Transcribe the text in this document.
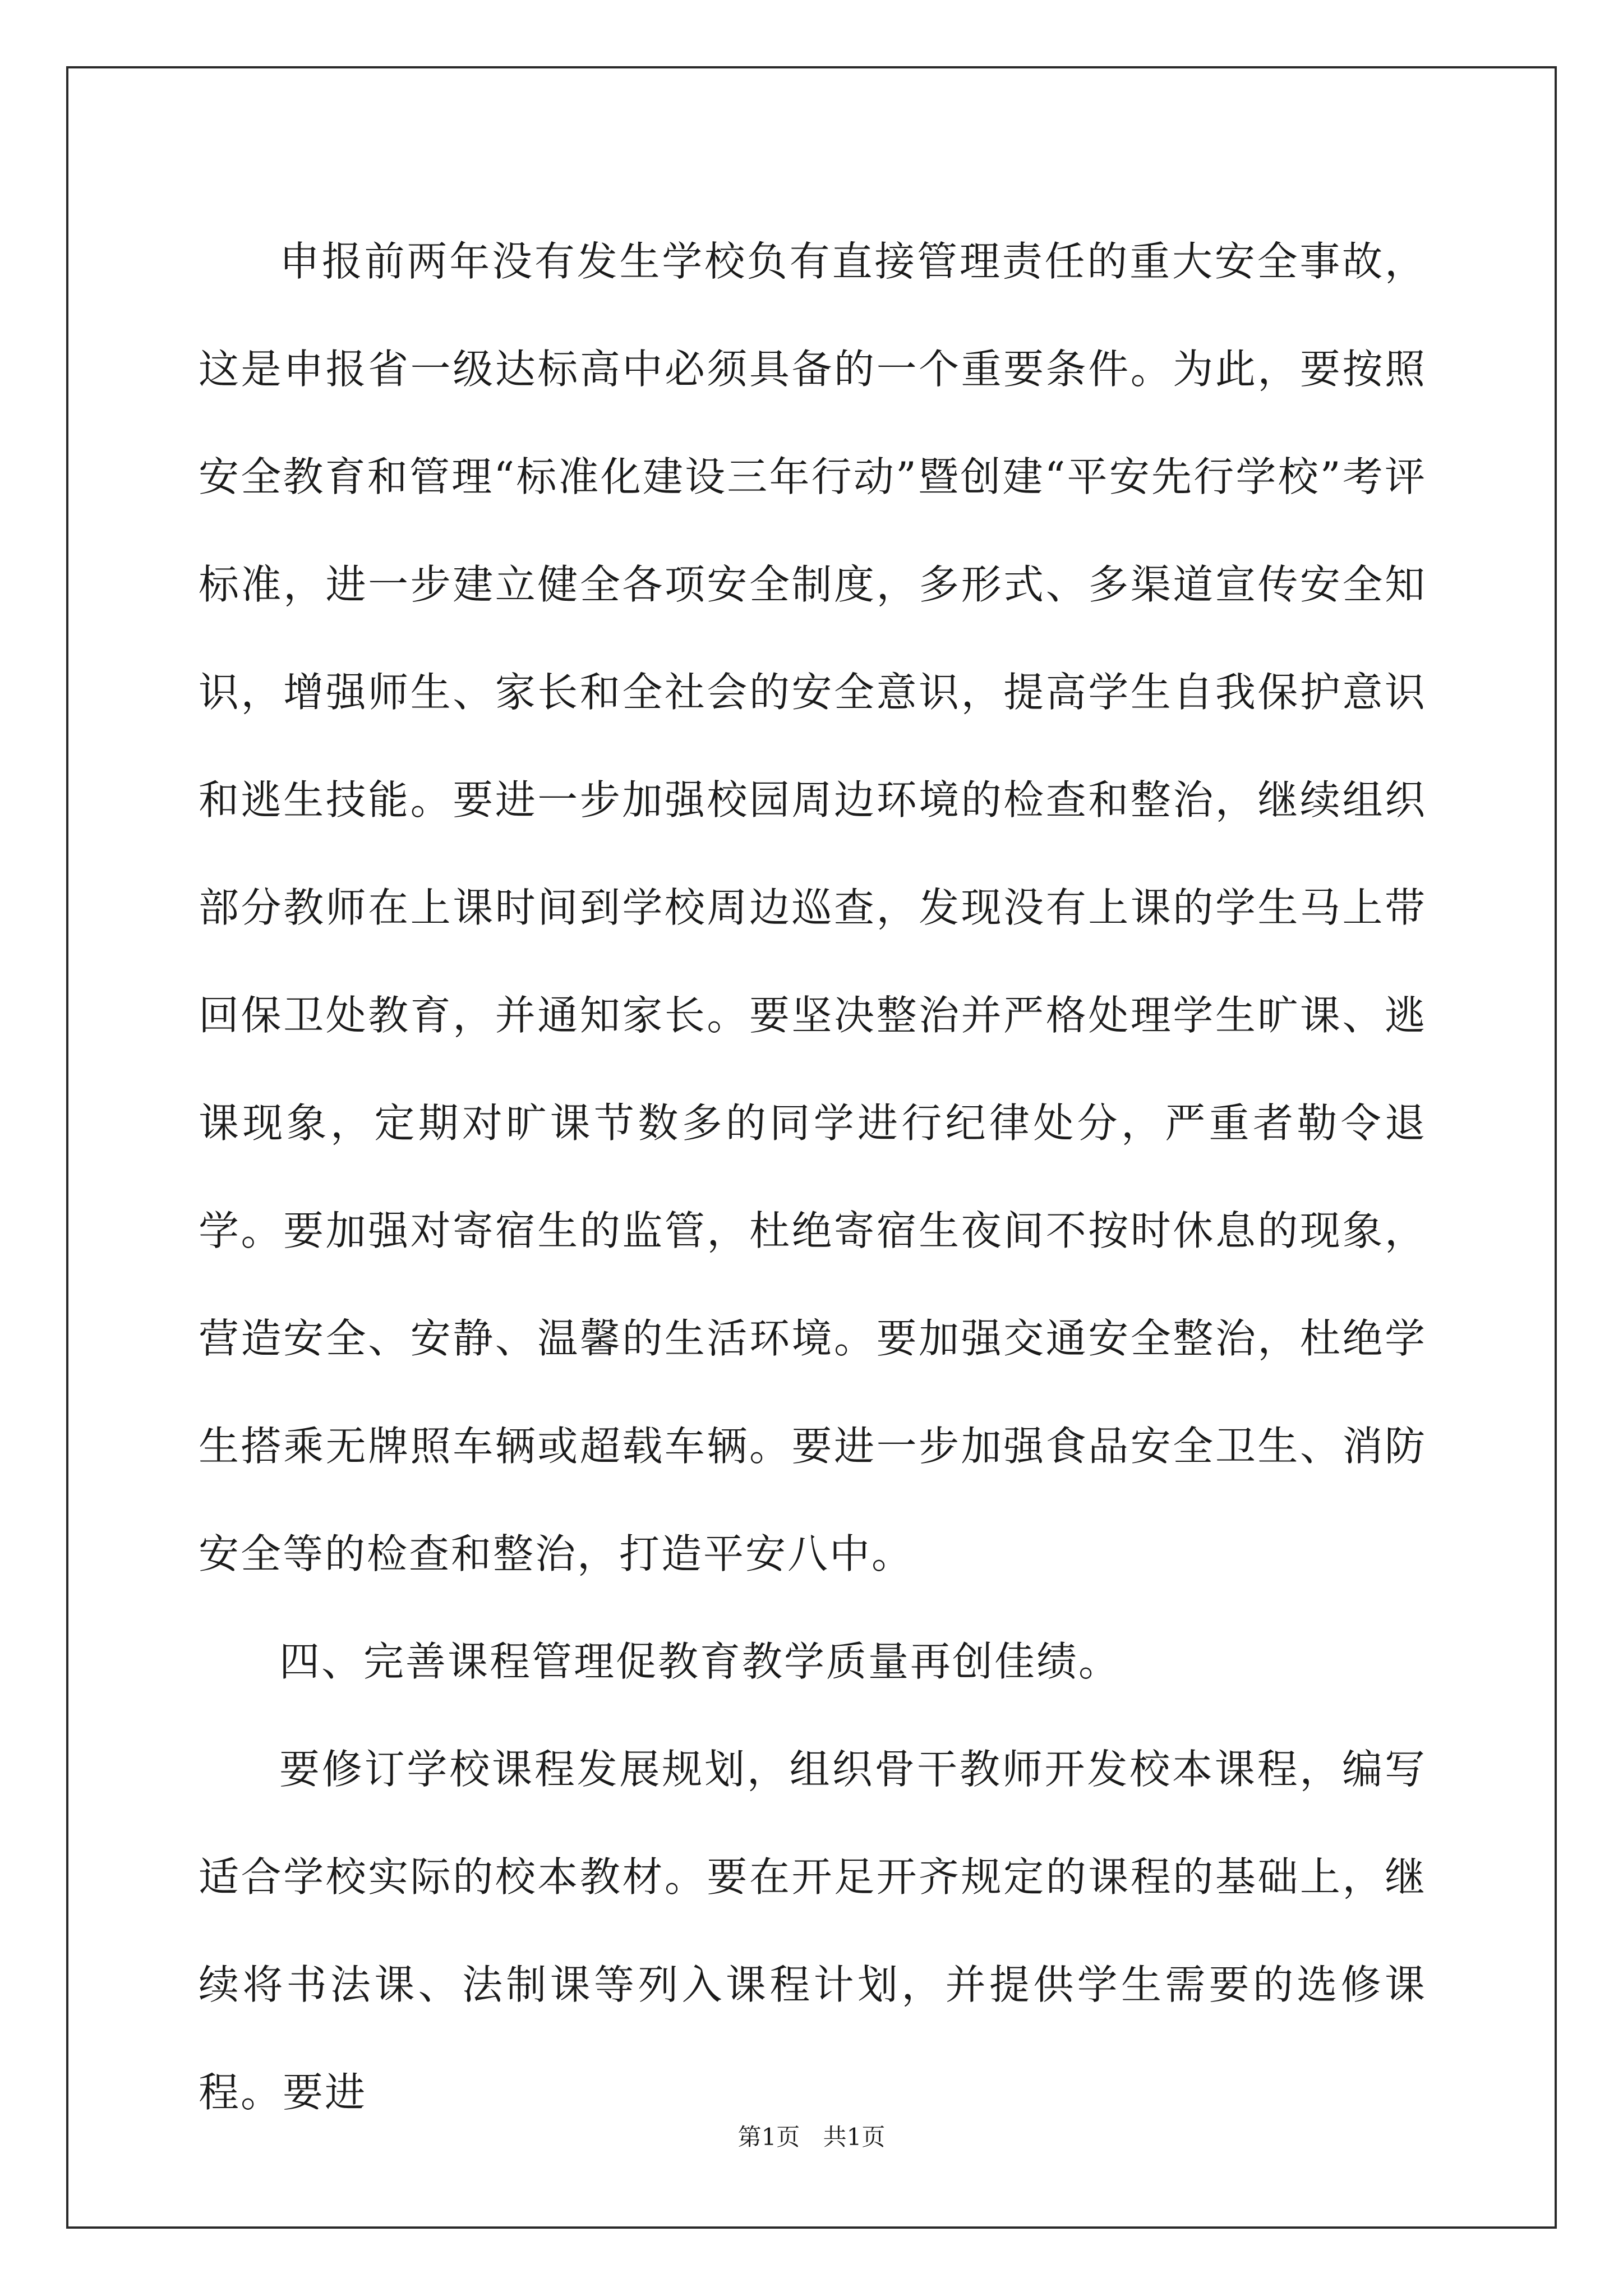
申报前两年没有发生学校负有直接管理责任的重大安全事故，这是申报省一级达标高中必须具备的一个重要条件。为此，要按照安全教育和管理“标准化建设三年行动”暨创建“平安先行学校”考评标准，进一步建立健全各项安全制度，多形式、多渠道宣传安全知识，增强师生、家长和全社会的安全意识，提高学生自我保护意识和逃生技能。要进一步加强校园周边环境的检查和整治，继续组织部分教师在上课时间到学校周边巡查，发现没有上课的学生马上带回保卫处教育，并通知家长。要坚决整治并严格处理学生旷课、逃课现象，定期对旷课节数多的同学进行纪律处分，严重者勒令退学。要加强对寄宿生的监管，杜绝寄宿生夜间不按时休息的现象，营造安全、安静、温馨的生活环境。要加强交通安全整治，杜绝学生搭乘无牌照车辆或超载车辆。要进一步加强食品安全卫生、消防安全等的检查和整治，打造平安八中。

四、完善课程管理促教育教学质量再创佳绩。

要修订学校课程发展规划，组织骨干教师开发校本课程，编写适合学校实际的校本教材。要在开足开齐规定的课程的基础上，继续将书法课、法制课等列入课程计划，并提供学生需要的选修课程。要进

第1页 共1页
